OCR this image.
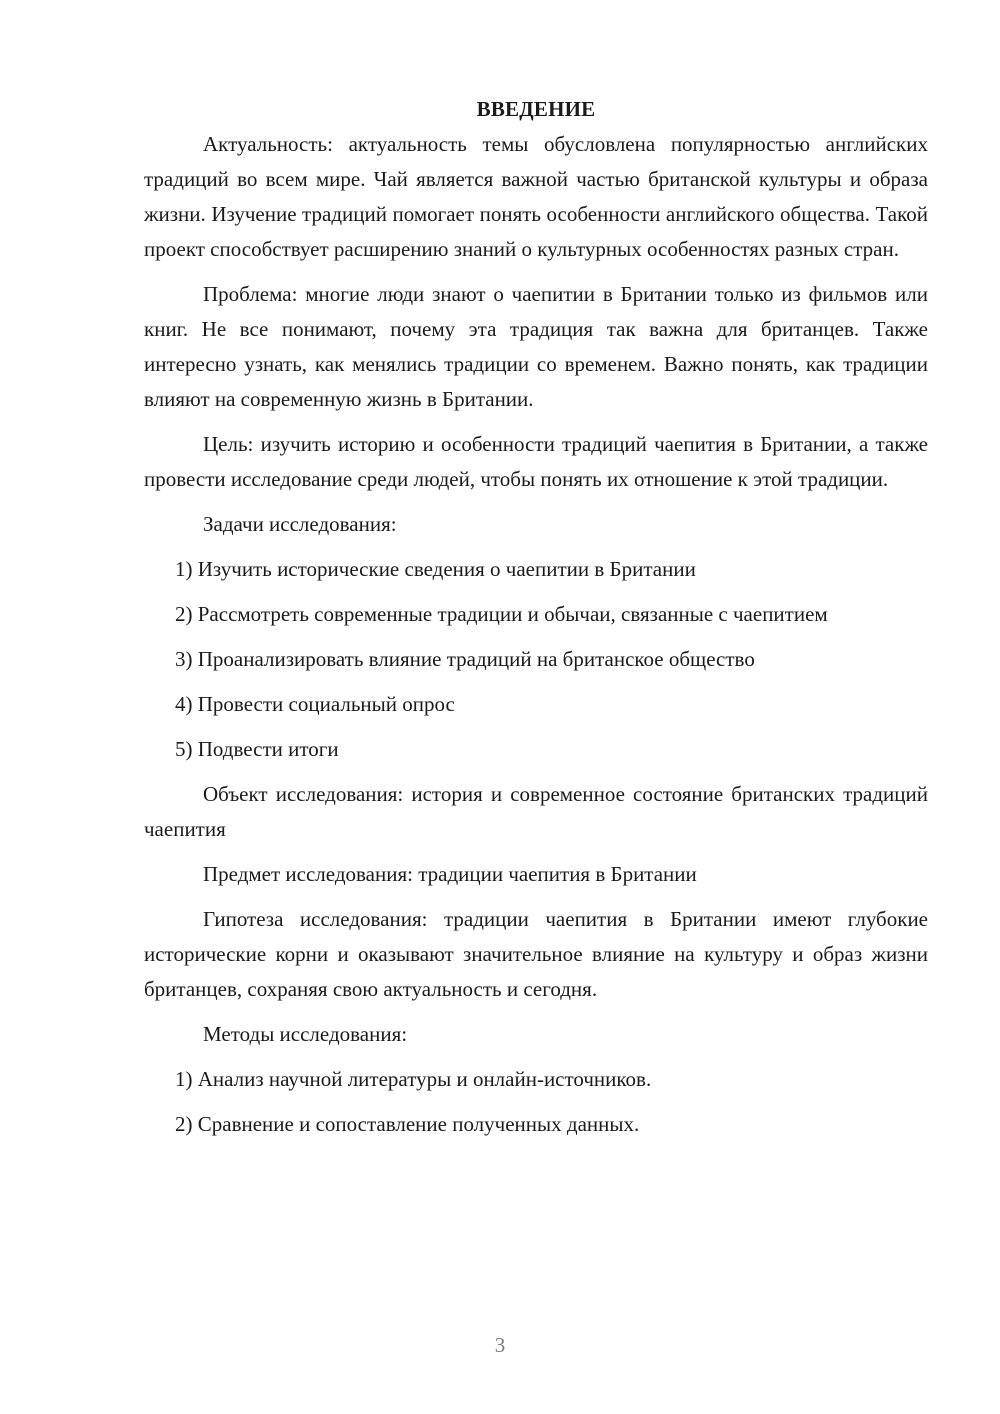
ВВЕДЕНИЕ

Актуальность: актуальность темы обусловлена популярностью английских традиций во всем мире. Чай является важной частью британской культуры и образа жизни. Изучение традиций помогает понять особенности английского общества. Такой проект способствует расширению знаний о культурных особенностях разных стран.

Проблема: многие люди знают о чаепитии в Британии только из фильмов или книг. Не все понимают, почему эта традиция так важна для британцев. Также интересно узнать, как менялись традиции со временем. Важно понять, как традиции влияют на современную жизнь в Британии.

Цель: изучить историю и особенности традиций чаепития в Британии, а также провести исследование среди людей, чтобы понять их отношение к этой традиции.

Задачи исследования:

1) Изучить исторические сведения о чаепитии в Британии

2) Рассмотреть современные традиции и обычаи, связанные с чаепитием

3) Проанализировать влияние традиций на британское общество

4) Провести социальный опрос

5) Подвести итоги

Объект исследования: история и современное состояние британских традиций чаепития

Предмет исследования: традиции чаепития в Британии

Гипотеза исследования: традиции чаепития в Британии имеют глубокие исторические корни и оказывают значительное влияние на культуру и образ жизни британцев, сохраняя свою актуальность и сегодня.

Методы исследования:

1) Анализ научной литературы и онлайн-источников.

2) Сравнение и сопоставление полученных данных.

3
